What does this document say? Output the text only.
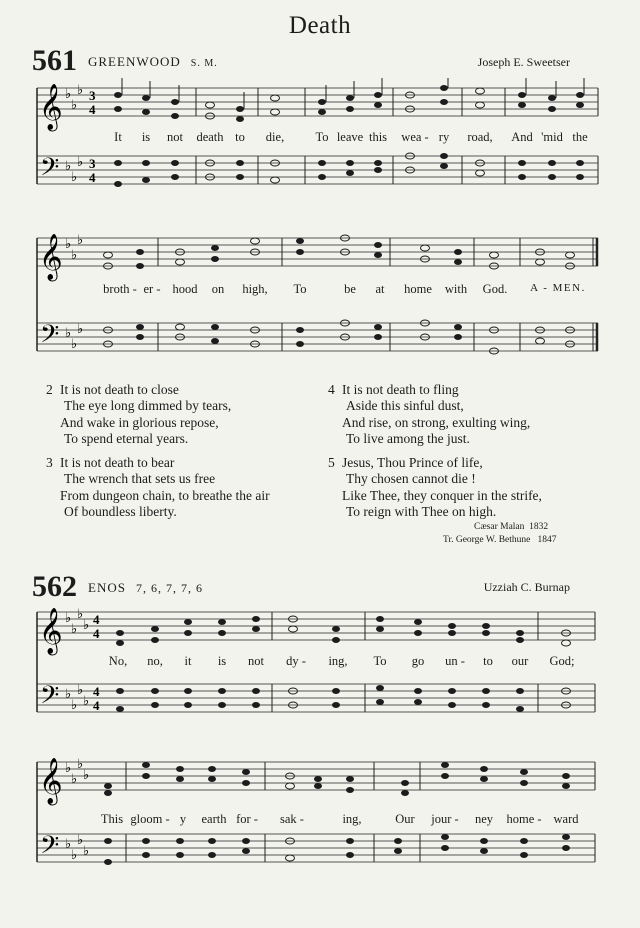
Death
561 GREENWOOD S. M.	Joseph E. Sweetser
𝄞
𝄢
♭
♭
♭
♭
♭
♭
3
4
3
4
It is not death to die,	To leave this wea - ry road, And 'mid the
𝄞
𝄢
♭
♭
♭
♭
♭
♭
broth - er - hood on high, To	be at home with God. A - MEN.
2 It is not death to close
The eye long dimmed by tears,
And wake in glorious repose,
To spend eternal years.
3 It is not death to bear
The wrench that sets us free
From dungeon chain, to breathe the air
Of boundless liberty.
4 It is not death to fling
Aside this sinful dust,
And rise, on strong, exulting wing,
To live among the just.
5 Jesus, Thou Prince of life,
Thy chosen cannot die !
Like Thee, they conquer in the strife,
To reign with Thee on high.
Cæsar Malan 1832
Tr. George W. Bethune 1847
562 ENOS 7, 6, 7, 7, 6	Uzziah C. Burnap
𝄞
𝄢
♭
♭
♭
♭
♭
♭
♭
♭
4
4
4
4
No, no, it is not dy - ing, To go un - to our God;
𝄞
𝄢
♭
♭
♭
♭
♭
♭
♭
♭
This gloom - y earth for - sak -	ing,	Our jour - ney home - ward
